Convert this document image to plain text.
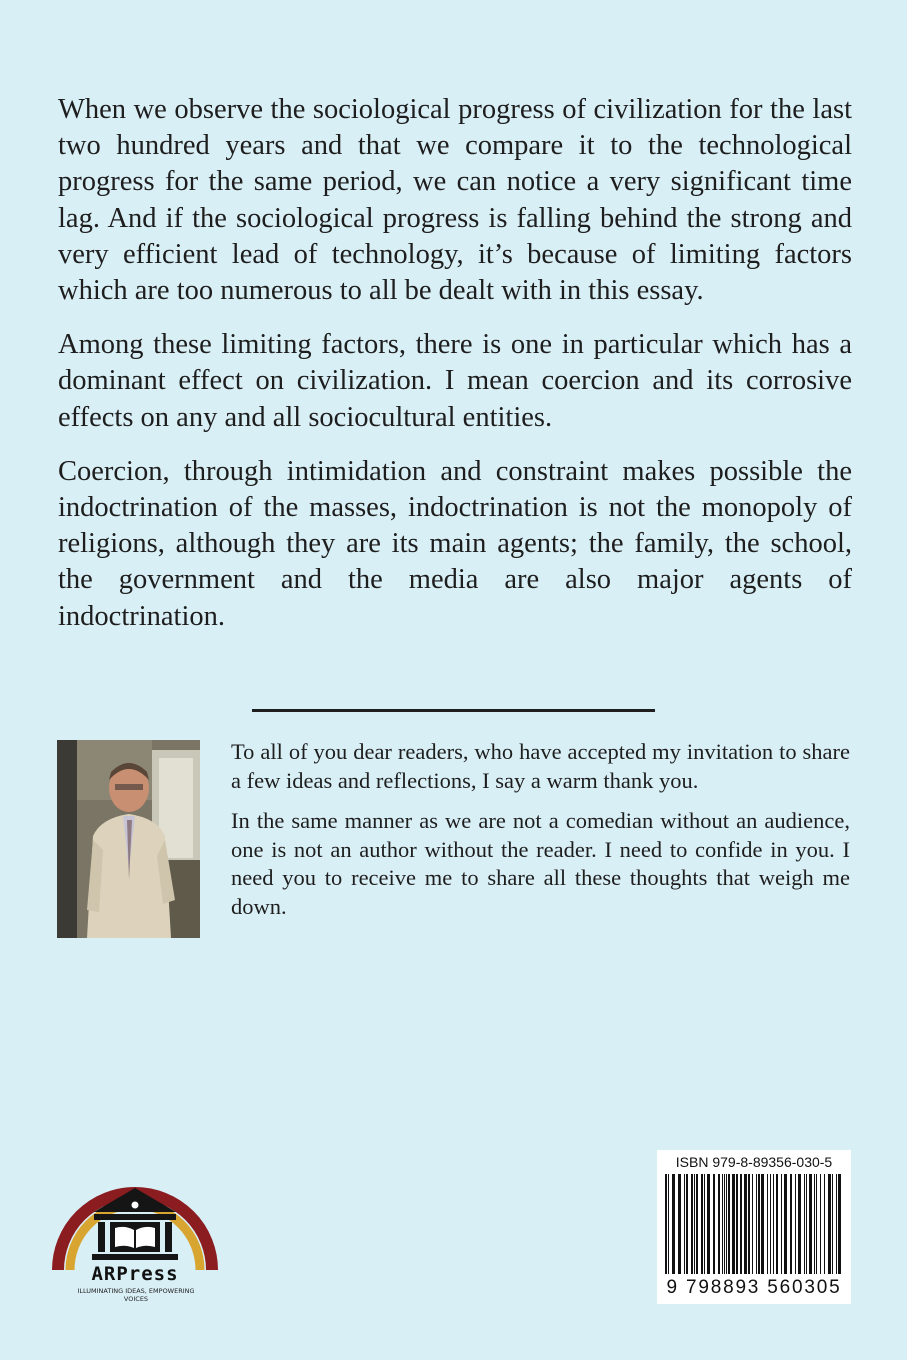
When we observe the sociological progress of civilization for the last two hundred years and that we compare it to the technological progress for the same period, we can notice a very significant time lag. And if the sociological progress is falling behind the strong and very efficient lead of technology, it’s because of limiting factors which are too numerous to all be dealt with in this essay.

Among these limiting factors, there is one in particular which has a dominant effect on civilization. I mean coercion and its corrosive effects on any and all sociocultural entities.

Coercion, through intimidation and constraint makes possible the indoctrination of the masses, indoctrination is not the monopoly of religions, although they are its main agents; the family, the school, the government and the media are also major agents of indoctrination.

To all of you dear readers, who have accepted my invitation to share a few ideas and reflections, I say a warm thank you.

In the same manner as we are not a comedian without an audience, one is not an author without the reader. I need to confide in you. I need you to receive me to share all these thoughts that weigh me down.

ARPress
ILLUMINATING IDEAS, EMPOWERING VOICES
ISBN 979-8-89356-030-5
9 798893 560305
